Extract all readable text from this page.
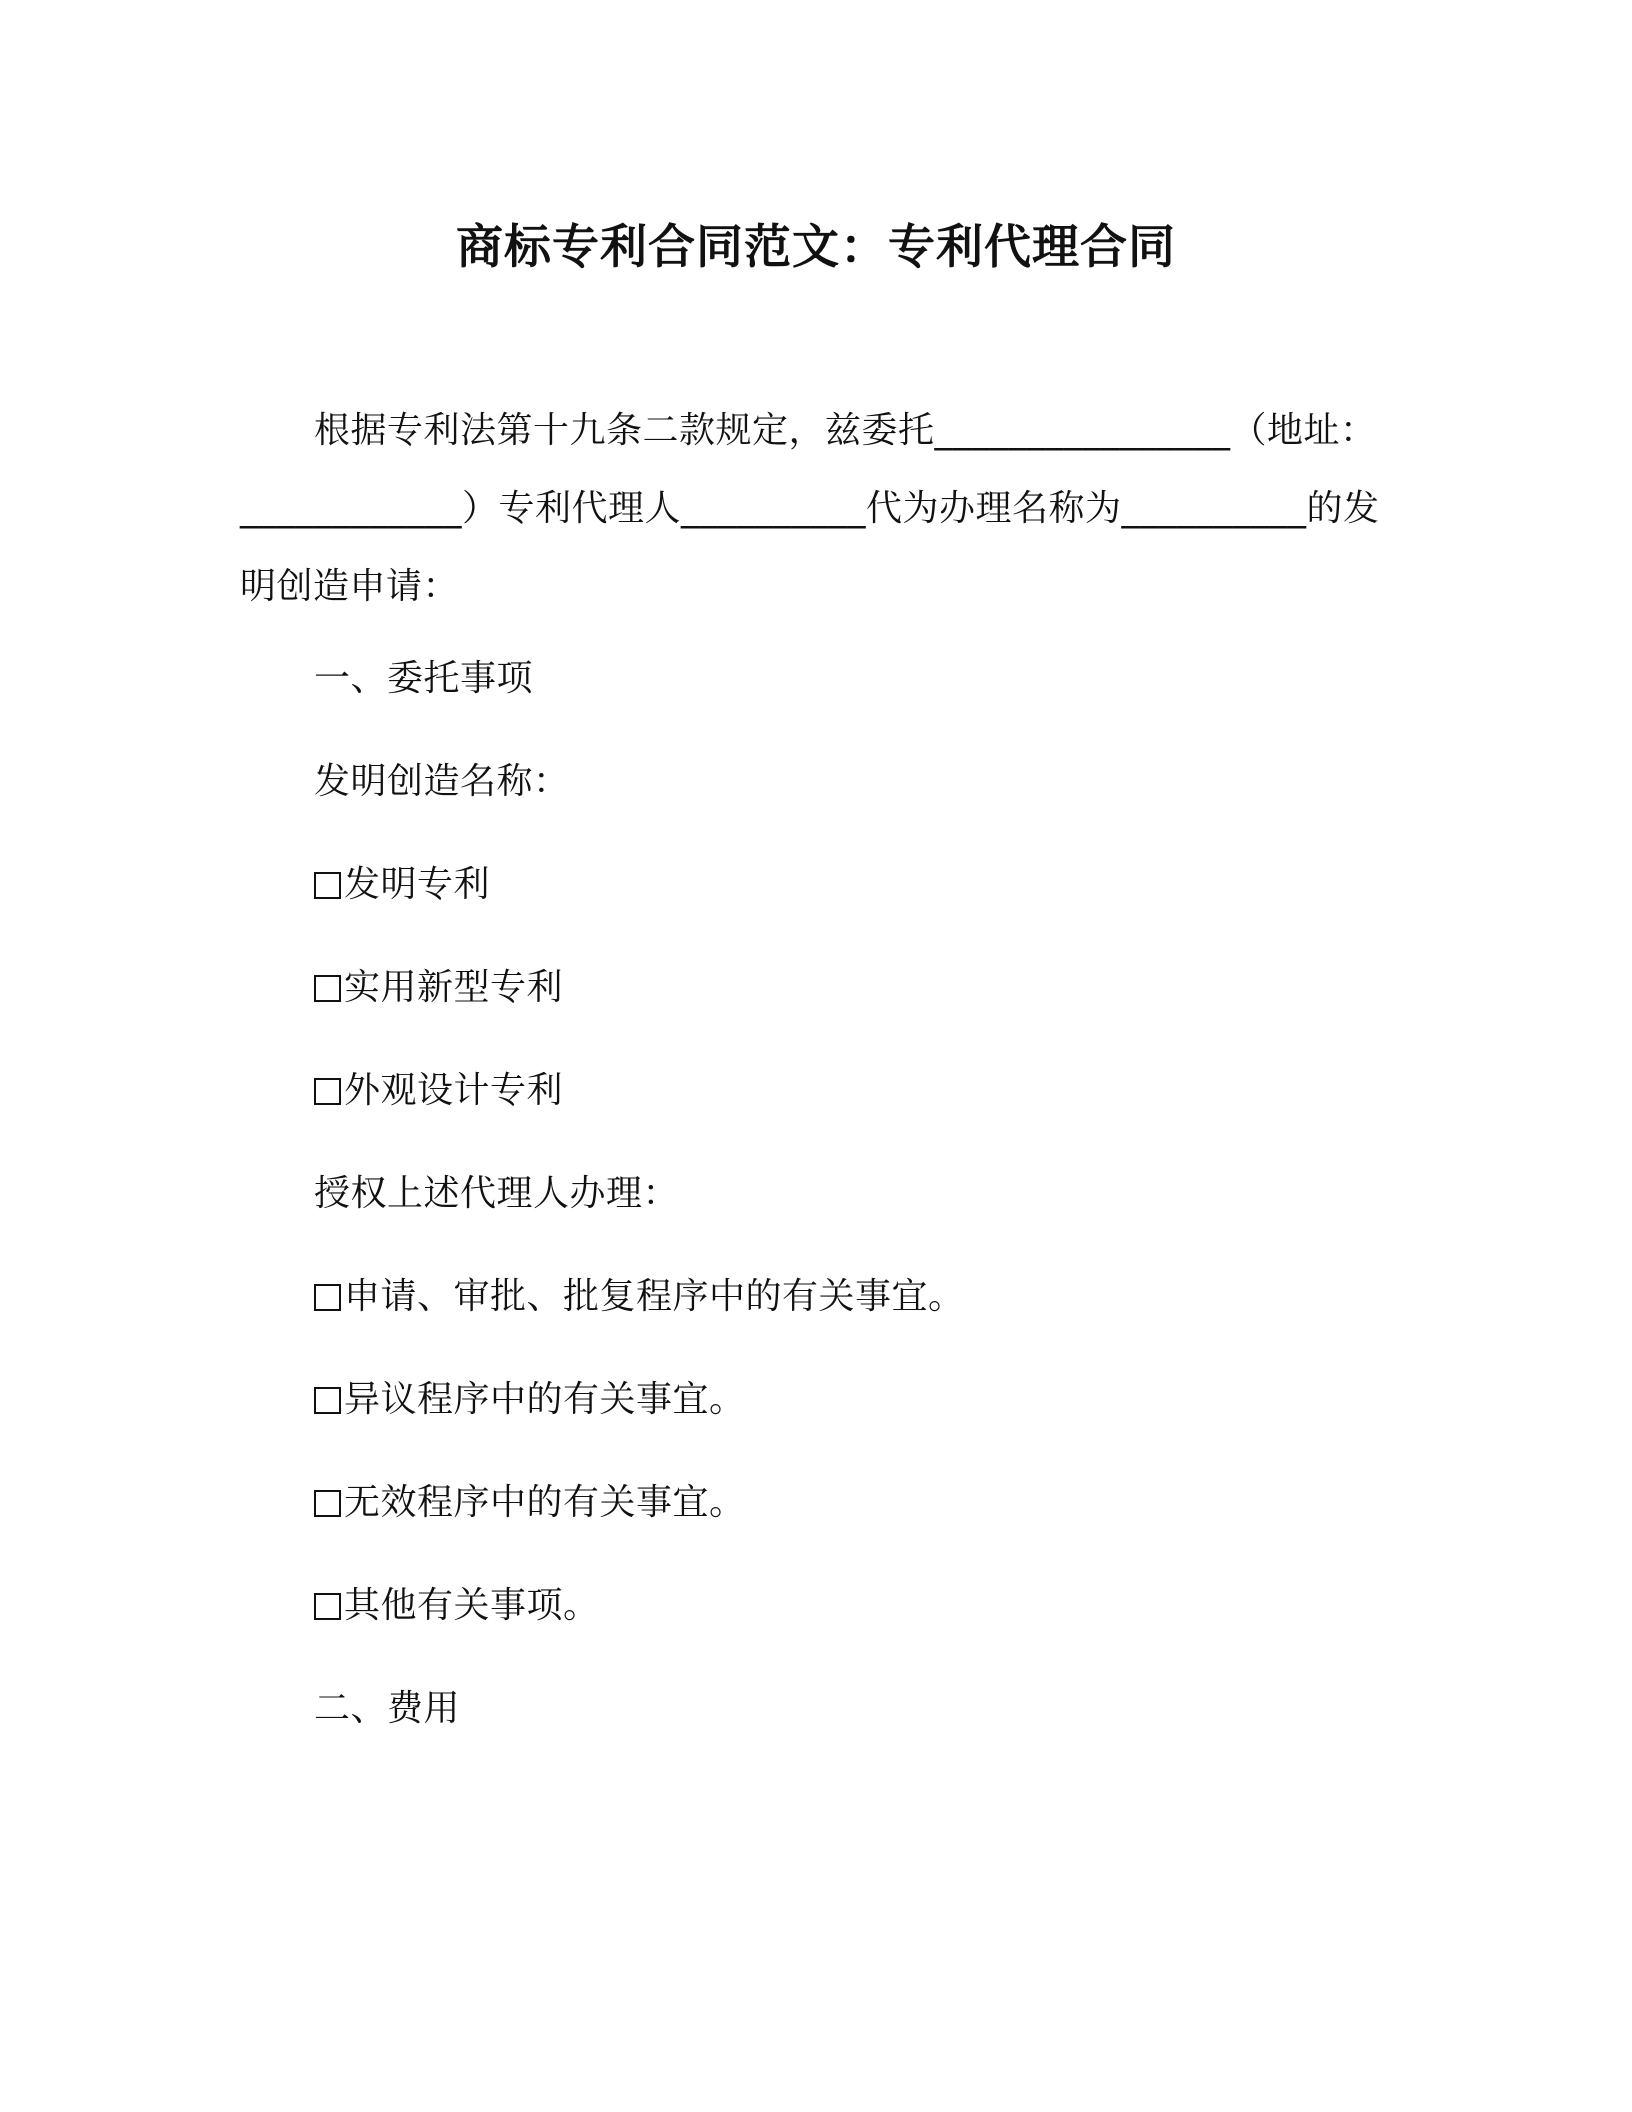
商标专利合同范文：专利代理合同
根据专利法第十九条二款规定，兹委托________________（地址：____________）专利代理人__________代为办理名称为__________的发明创造申请：
一、委托事项
发明创造名称：
发明专利
实用新型专利
外观设计专利
授权上述代理人办理：
申请、审批、批复程序中的有关事宜。
异议程序中的有关事宜。
无效程序中的有关事宜。
其他有关事项。
二、费用
